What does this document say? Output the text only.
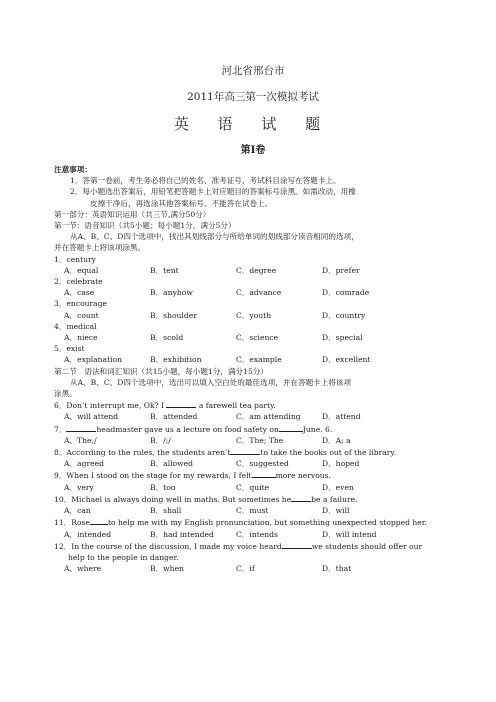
河北省邢台市
2011年高三第一次模拟考试
英 语 试 题
第Ⅰ卷
注意事项：
1．答第一卷前，考生务必将自己的姓名、准考证号、考试科目涂写在答题卡上。
2．每小题选出答案后，用铅笔把答题卡上对应题目的答案标号涂黑。如需改动，用橡
皮擦干净后，再选涂其他答案标号。不能答在试卷上。
第一部分：英语知识运用（共三节,满分50分）
第一节：语音知识（共5小题；每小题1分，满分5分）
从A、B、C、D四个选项中，找出其划线部分与所给单词的划线部分读音相同的选项，
并在答题卡上将该项涂黑。
1．century
A．equal	B．tent	C．degree	D．prefer
2．celebrate
A．case	B．anyhow	C．advance	D．comrade
3．encourage
A．count	B．shoulder	C．youth	D．country
4．medical
A．niece	B．scold	C．science	D．special
5．exist
A．explanation	B．exhibition	C．example	D．excellent
第二节　语法和词汇知识（共15小题，每小题1分，满分15分）
从A、B、C、D四个选项中，选出可以填入空白处的最佳选项，并在答题卡上将该项
涂黑。
6．Don’t interrupt me, Ok? I	a farewell tea party.
A．will attend	B．attended	C．am attending	D．attend
7．	headmaster gave us a lecture on food safety on	June. 6.
A．The;/	B．/;/	C．The; The	D．A; a
8．According to the rules, the students aren’t	to take the books out of the library.
A．agreed	B．allowed	C．suggested	D．hoped
9．When I stood on the stage for my rewards, I felt	more nervous.
A．very	B．too	C．quite	D．even
10．Michael is always doing well in maths. But sometimes he	be a failure.
A．can	B．shall	C．must	D．will
11．Rose to help me with my English pronunciation, but something unexpected stopped her.
A．intended	B．had intended	C．intends	D．will intend
12．In the course of the discussion, I made my voice heard	we students should offer our
help to the people in danger.
A．where	B．when	C．if	D．that
